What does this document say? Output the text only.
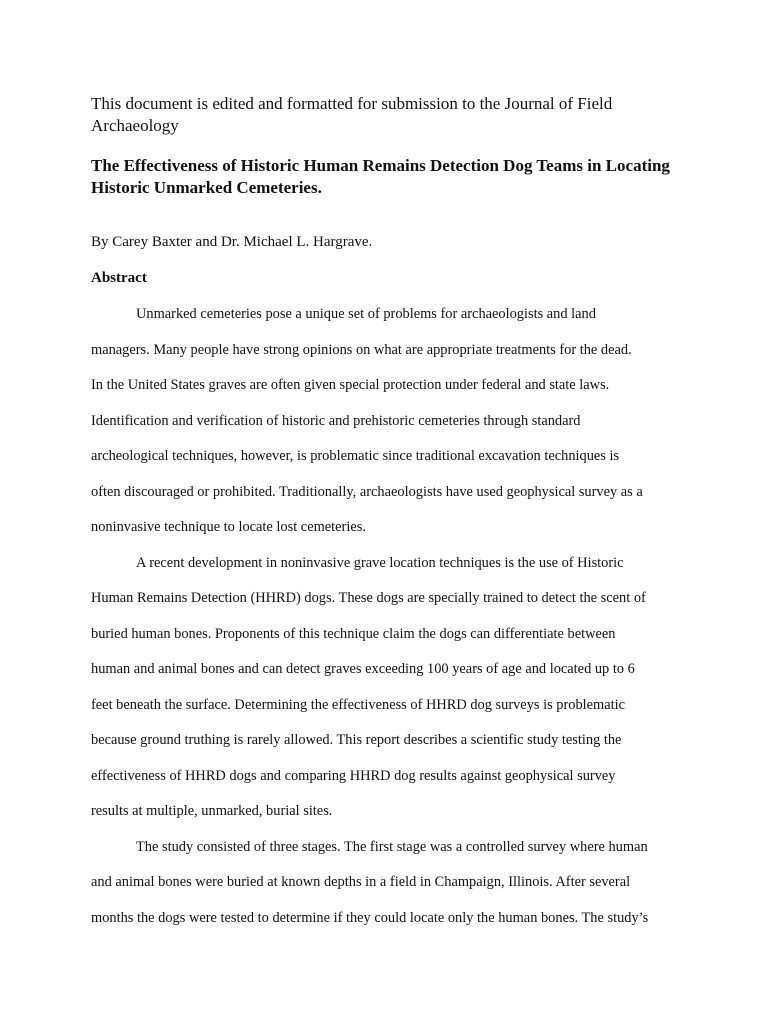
This document is edited and formatted for submission to the Journal of Field Archaeology

The Effectiveness of Historic Human Remains Detection Dog Teams in Locating Historic Unmarked Cemeteries.

By Carey Baxter and Dr. Michael L. Hargrave.

Abstract
Unmarked cemeteries pose a unique set of problems for archaeologists and land
managers. Many people have strong opinions on what are appropriate treatments for the dead.
In the United States graves are often given special protection under federal and state laws.
Identification and verification of historic and prehistoric cemeteries through standard
archeological techniques, however, is problematic since traditional excavation techniques is
often discouraged or prohibited. Traditionally, archaeologists have used geophysical survey as a
noninvasive technique to locate lost cemeteries.
A recent development in noninvasive grave location techniques is the use of Historic
Human Remains Detection (HHRD) dogs. These dogs are specially trained to detect the scent of
buried human bones. Proponents of this technique claim the dogs can differentiate between
human and animal bones and can detect graves exceeding 100 years of age and located up to 6
feet beneath the surface. Determining the effectiveness of HHRD dog surveys is problematic
because ground truthing is rarely allowed. This report describes a scientific study testing the
effectiveness of HHRD dogs and comparing HHRD dog results against geophysical survey
results at multiple, unmarked, burial sites.
The study consisted of three stages. The first stage was a controlled survey where human
and animal bones were buried at known depths in a field in Champaign, Illinois. After several
months the dogs were tested to determine if they could locate only the human bones. The study’s
